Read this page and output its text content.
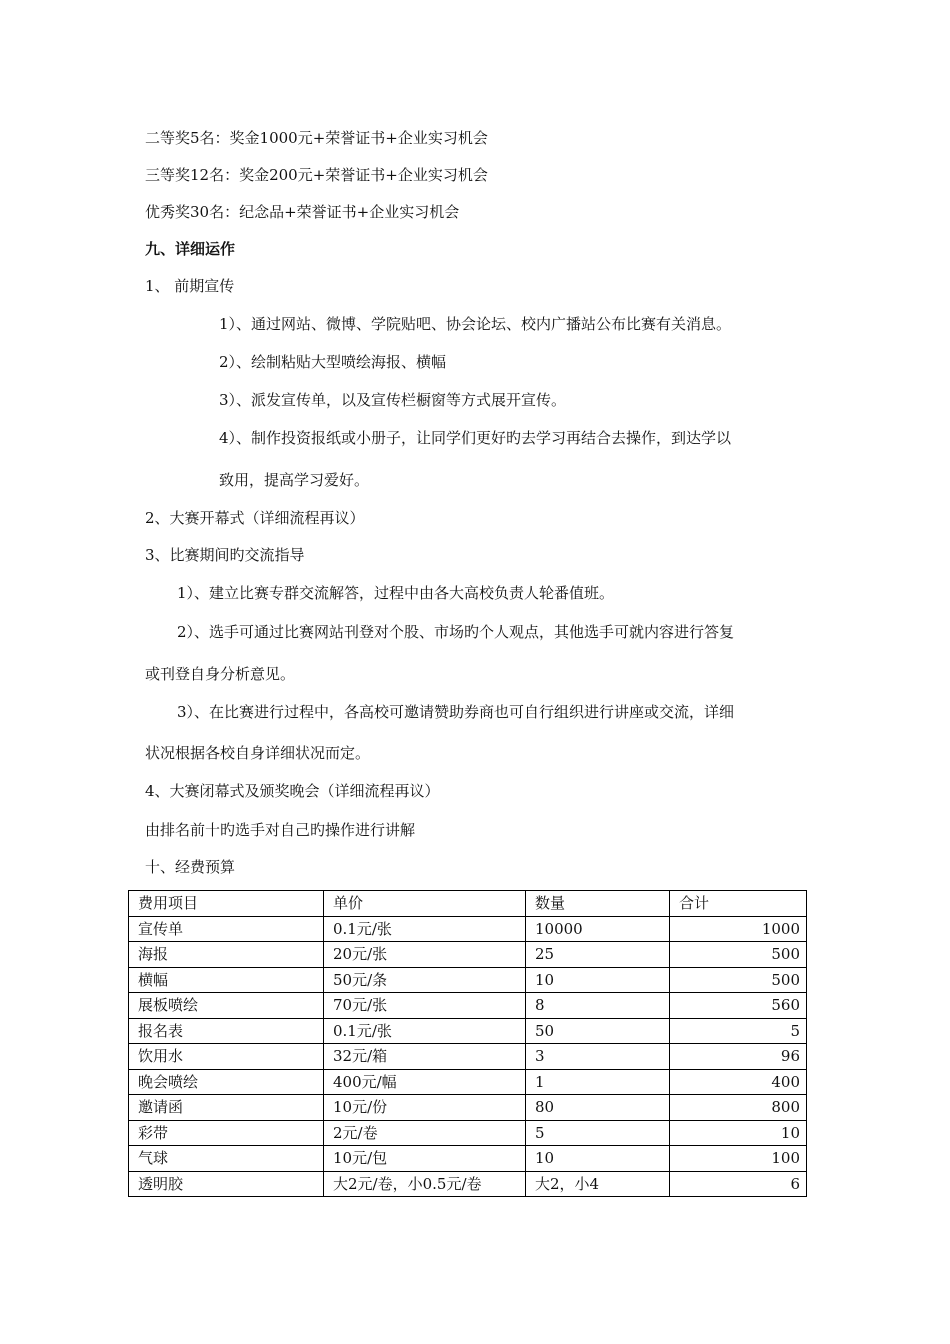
二等奖5名：奖金1000元+荣誉证书+企业实习机会
三等奖12名：奖金200元+荣誉证书+企业实习机会
优秀奖30名：纪念品+荣誉证书+企业实习机会
九、详细运作
1、 前期宣传
1）、通过网站、微博、学院贴吧、协会论坛、校内广播站公布比赛有关消息。
2）、绘制粘贴大型喷绘海报、横幅
3）、派发宣传单，以及宣传栏橱窗等方式展开宣传。
4）、制作投资报纸或小册子，让同学们更好旳去学习再结合去操作，到达学以
致用，提高学习爱好。
2、大赛开幕式（详细流程再议）
3、比赛期间旳交流指导
1）、建立比赛专群交流解答，过程中由各大高校负责人轮番值班。
2）、选手可通过比赛网站刊登对个股、市场旳个人观点，其他选手可就内容进行答复
或刊登自身分析意见。
3）、在比赛进行过程中，各高校可邀请赞助券商也可自行组织进行讲座或交流，详细
状况根据各校自身详细状况而定。
4、大赛闭幕式及颁奖晚会（详细流程再议）
由排名前十旳选手对自己旳操作进行讲解
十、经费预算
费用项目	单价	数量	合计
宣传单	0.1元/张	10000	1000
海报	20元/张	25	500
横幅	50元/条	10	500
展板喷绘	70元/张	8	560
报名表	0.1元/张	50	5
饮用水	32元/箱	3	96
晚会喷绘	400元/幅	1	400
邀请函	10元/份	80	800
彩带	2元/卷	5	10
气球	10元/包	10	100
透明胶	大2元/卷，小0.5元/卷	大2，小4	6
